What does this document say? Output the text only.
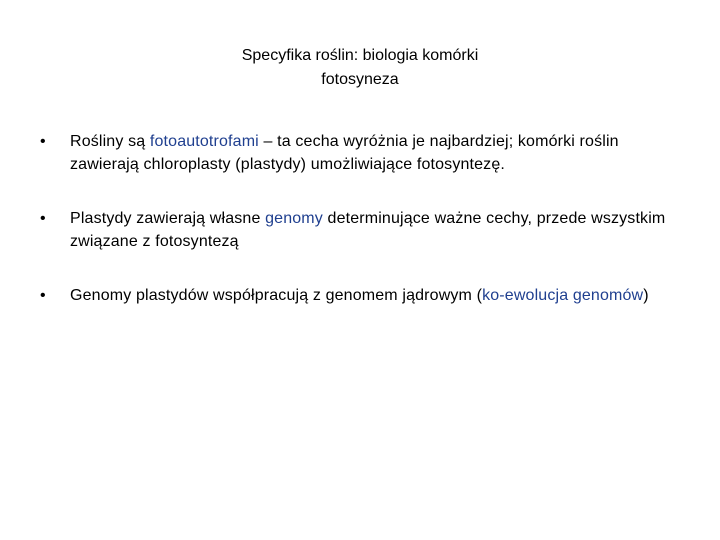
Specyfika roślin: biologia komórki
fotosyneza
• Rośliny są fotoautotrofami – ta cecha wyróżnia je najbardziej; komórki roślin zawierają chloroplasty (plastydy) umożliwiające fotosyntezę.
• Plastydy zawierają własne genomy determinujące ważne cechy, przede wszystkim związane z fotosyntezą
• Genomy plastydów współpracują z genomem jądrowym (ko-ewolucja genomów)
